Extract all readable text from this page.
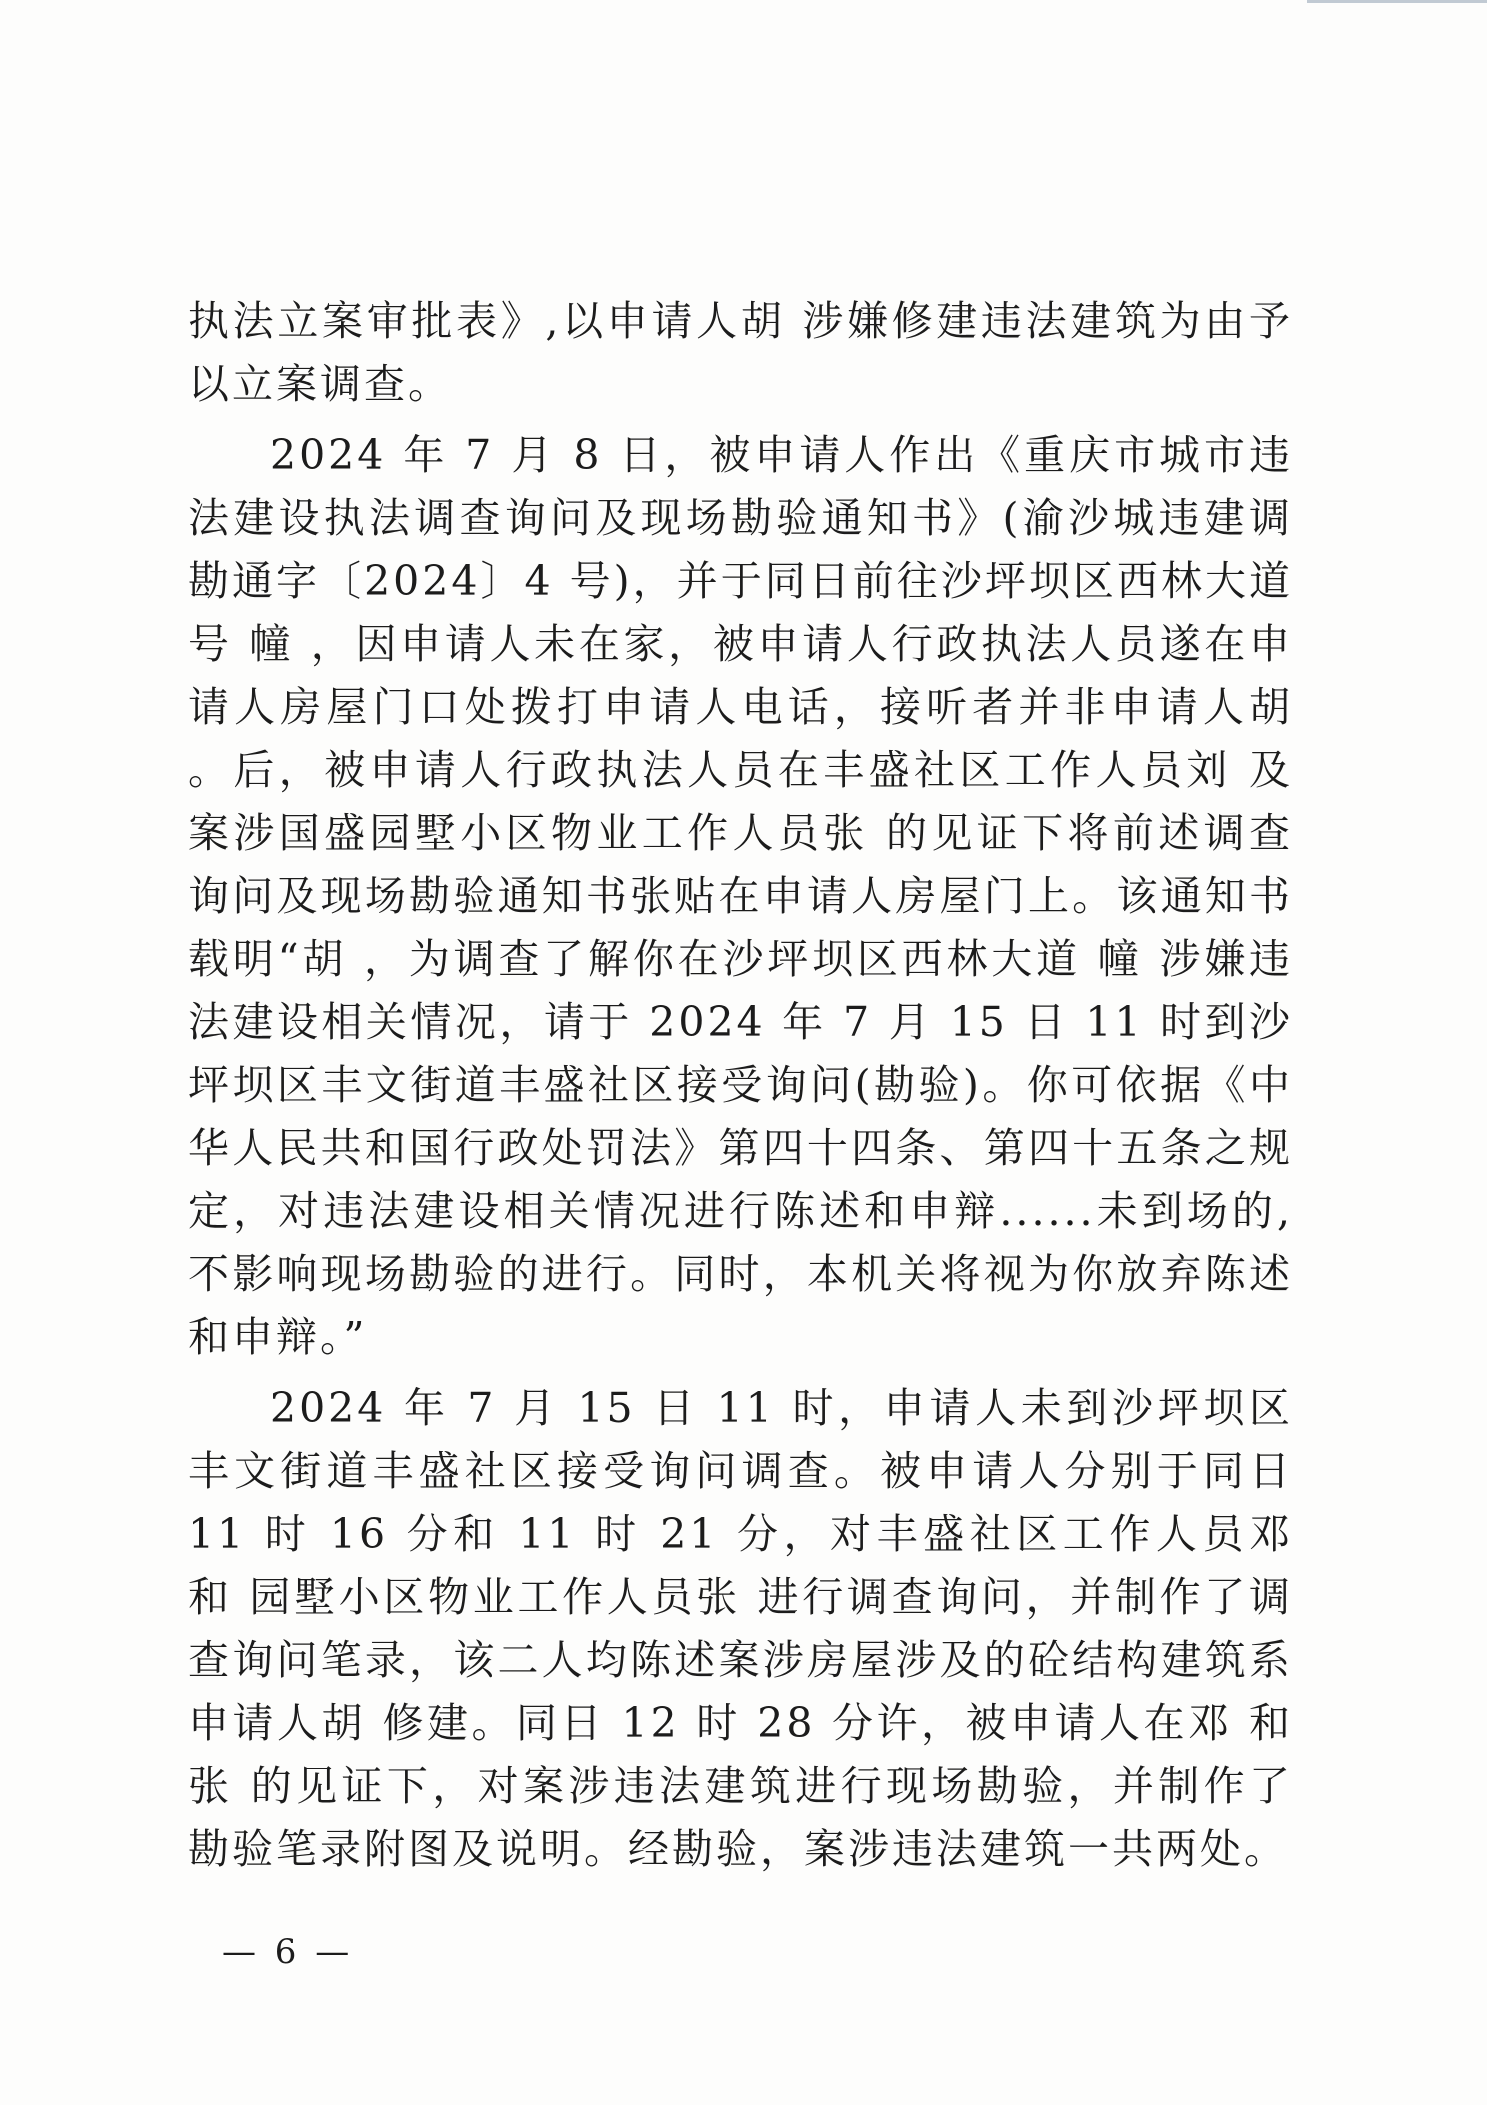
执法立案审批表》,以申请人胡 涉嫌修建违法建筑为由予以立案调查。

2024 年 7 月 8 日，被申请人作出《重庆市城市违法建设执法调查询问及现场勘验通知书》(渝沙城违建调勘通字〔2024〕4 号)，并于同日前往沙坪坝区西林大道 号 幢 ，因申请人未在家，被申请人行政执法人员遂在申请人房屋门口处拨打申请人电话，接听者并非申请人胡 。后，被申请人行政执法人员在丰盛社区工作人员刘 及案涉国盛园墅小区物业工作人员张 的见证下将前述调查询问及现场勘验通知书张贴在申请人房屋门上。该通知书载明“胡 ，为调查了解你在沙坪坝区西林大道 幢 涉嫌违法建设相关情况，请于 2024 年 7 月 15 日 11 时到沙坪坝区丰文街道丰盛社区接受询问(勘验)。你可依据《中华人民共和国行政处罚法》第四十四条、第四十五条之规定，对违法建设相关情况进行陈述和申辩......未到场的,不影响现场勘验的进行。同时，本机关将视为你放弃陈述和申辩。”

2024 年 7 月 15 日 11 时，申请人未到沙坪坝区丰文街道丰盛社区接受询问调查。被申请人分别于同日 11 时 16 分和 11 时 21 分，对丰盛社区工作人员邓 和 园墅小区物业工作人员张 进行调查询问，并制作了调查询问笔录，该二人均陈述案涉房屋涉及的砼结构建筑系申请人胡 修建。同日 12 时 28 分许，被申请人在邓 和张 的见证下，对案涉违法建筑进行现场勘验，并制作了勘验笔录附图及说明。经勘验，案涉违法建筑一共两处。

— 6 —
